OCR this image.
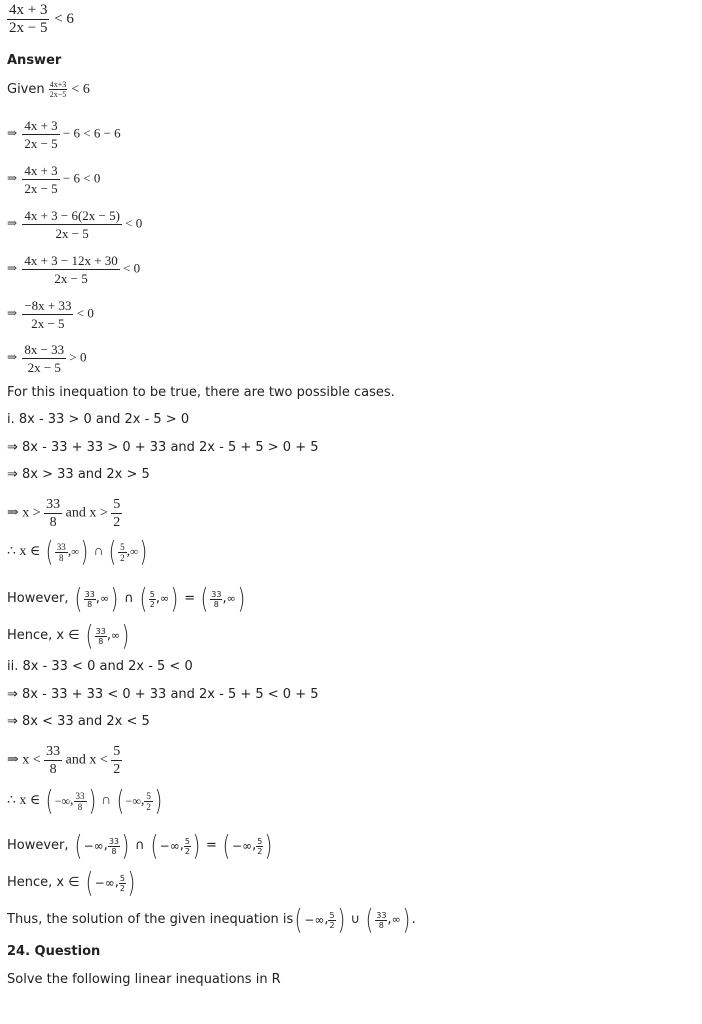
$\frac{4x + 3}{2x - 5} < 6$
Answer
Given $\frac{4x+3}{2x-5} < 6$
⇒ $\frac{4x + 3}{2x - 5} - 6 < 6 - 6$
⇒ $\frac{4x + 3}{2x - 5} - 6 < 0$
⇒ $\frac{4x + 3 - 6(2x - 5)}{2x - 5} < 0$
⇒ $\frac{4x + 3 - 12x + 30}{2x - 5} < 0$
⇒ $\frac{-8x + 33}{2x - 5} < 0$
⇒ $\frac{8x - 33}{2x - 5} > 0$
For this inequation to be true, there are two possible cases.
i. 8x - 33 > 0 and 2x - 5 > 0
⇒ 8x - 33 + 33 > 0 + 33 and 2x - 5 + 5 > 0 + 5
⇒ 8x > 33 and 2x > 5
⇒ $x > \frac{33}{8}$ and $x > \frac{5}{2}$
∴ x ∈ ( $\frac{33}{8}$ ,∞) ∩ ( $\frac{5}{2}$ ,∞)
However, ( $\frac{33}{8}$ ,∞) ∩ ( $\frac{5}{2}$ ,∞) = ( $\frac{33}{8}$ ,∞)
Hence, x ∈ ( $\frac{33}{8}$ ,∞)
ii. 8x - 33 < 0 and 2x - 5 < 0
⇒ 8x - 33 + 33 < 0 + 33 and 2x - 5 + 5 < 0 + 5
⇒ 8x < 33 and 2x < 5
⇒ $x < \frac{33}{8}$ and $x < \frac{5}{2}$
∴ x ∈ ( −∞, $\frac{33}{8}$ ) ∩ ( −∞, $\frac{5}{2}$ )
However, ( −∞, $\frac{33}{8}$ ) ∩ ( −∞, $\frac{5}{2}$ ) = ( −∞, $\frac{5}{2}$ )
Hence, x ∈ ( −∞, $\frac{5}{2}$ )
Thus, the solution of the given inequation is( −∞, $\frac{5}{2}$ ) ∪ ( $\frac{33}{8}$ ,∞) .
24. Question
Solve the following linear inequations in R
